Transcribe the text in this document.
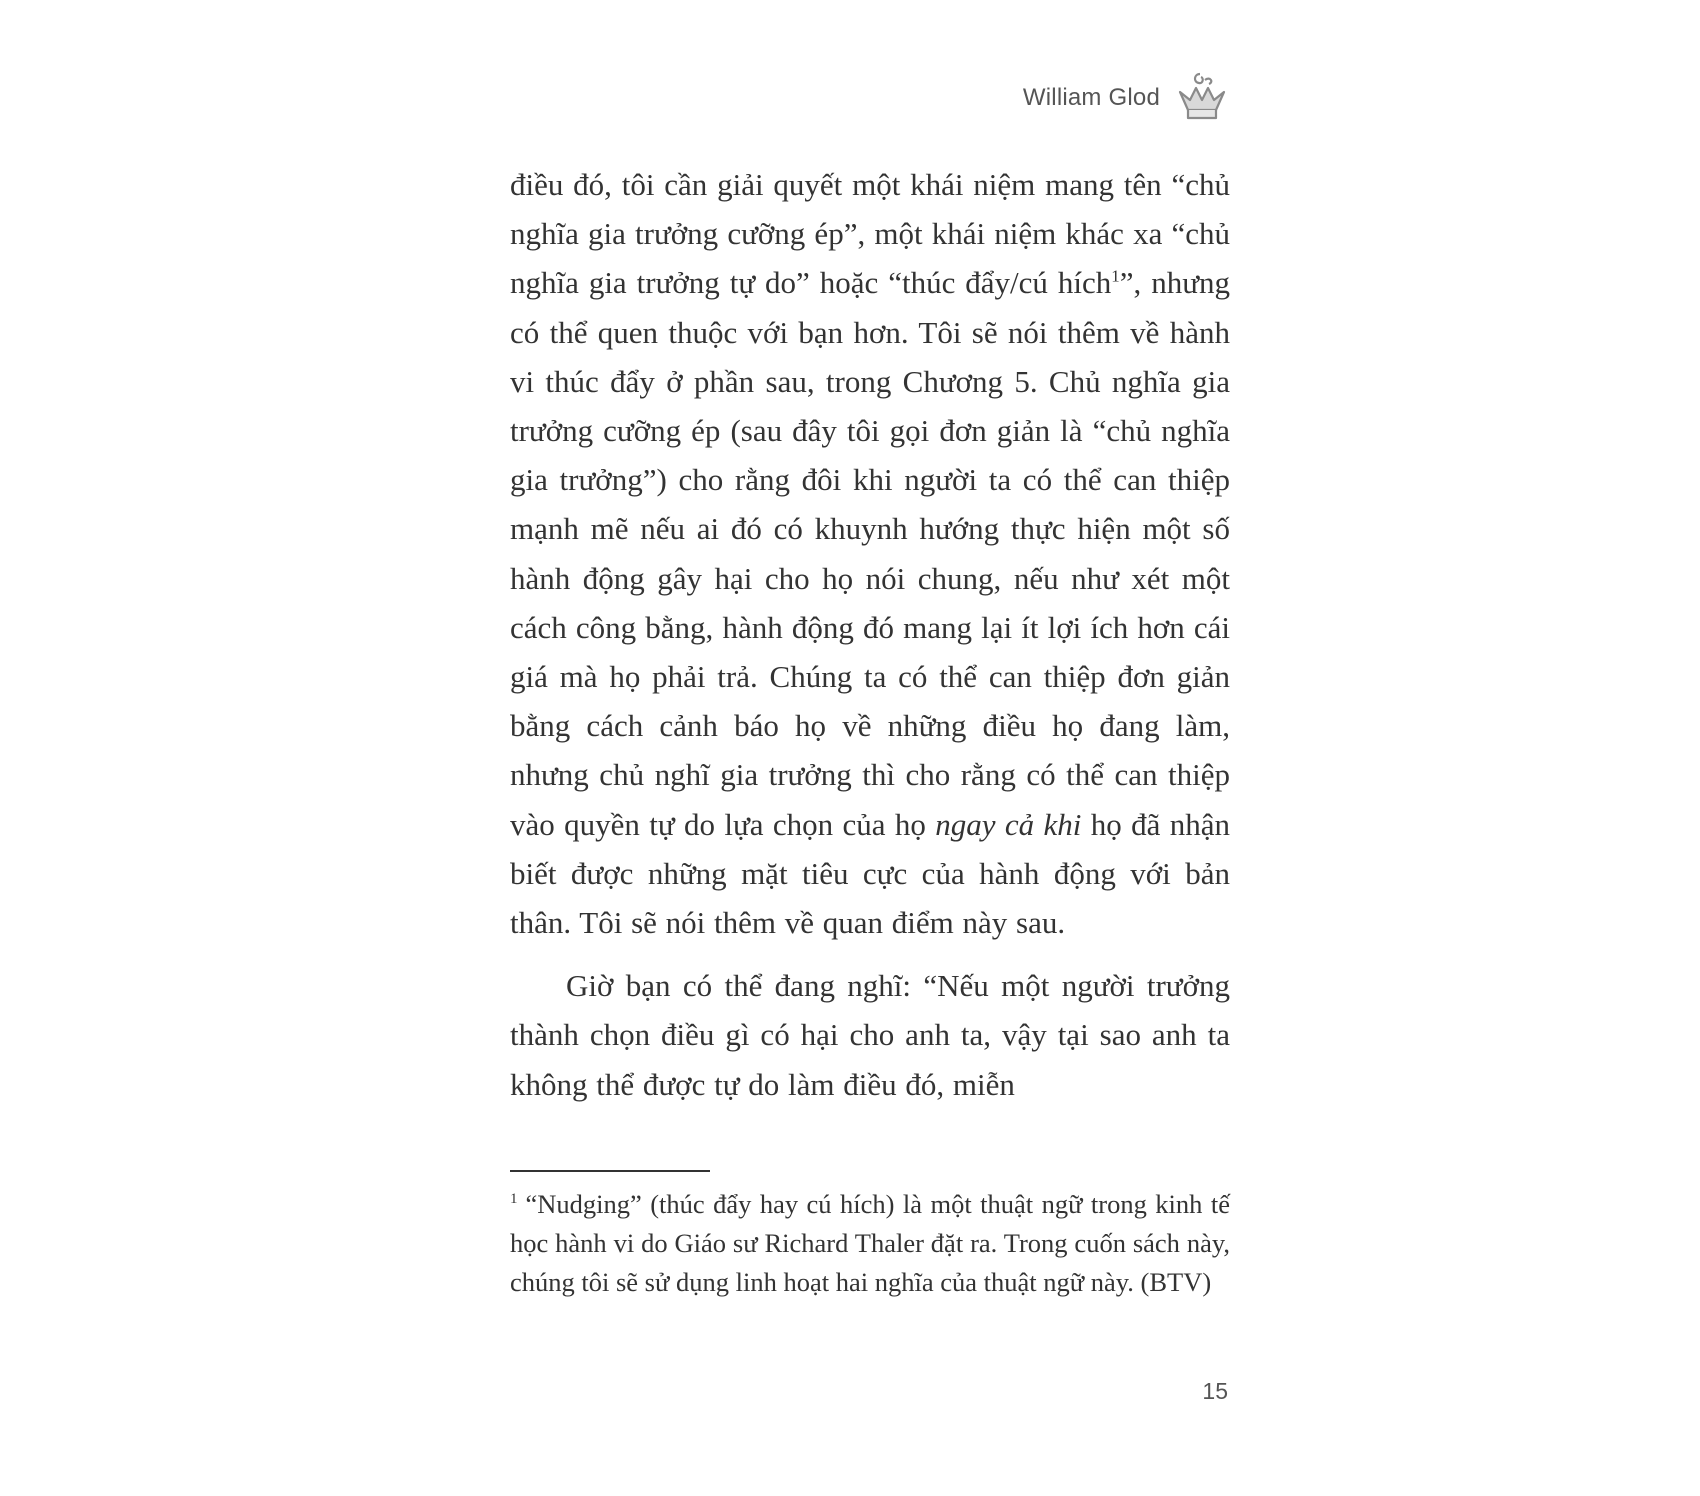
William Glod

điều đó, tôi cần giải quyết một khái niệm mang tên “chủ nghĩa gia trưởng cưỡng ép”, một khái niệm khác xa “chủ nghĩa gia trưởng tự do” hoặc “thúc đẩy/cú hích$^1$”, nhưng có thể quen thuộc với bạn hơn. Tôi sẽ nói thêm về hành vi thúc đẩy ở phần sau, trong Chương 5. Chủ nghĩa gia trưởng cưỡng ép (sau đây tôi gọi đơn giản là “chủ nghĩa gia trưởng”) cho rằng đôi khi người ta có thể can thiệp mạnh mẽ nếu ai đó có khuynh hướng thực hiện một số hành động gây hại cho họ nói chung, nếu như xét một cách công bằng, hành động đó mang lại ít lợi ích hơn cái giá mà họ phải trả. Chúng ta có thể can thiệp đơn giản bằng cách cảnh báo họ về những điều họ đang làm, nhưng chủ nghĩ gia trưởng thì cho rằng có thể can thiệp vào quyền tự do lựa chọn của họ ngay cả khi họ đã nhận biết được những mặt tiêu cực của hành động với bản thân. Tôi sẽ nói thêm về quan điểm này sau.

Giờ bạn có thể đang nghĩ: “Nếu một người trưởng thành chọn điều gì có hại cho anh ta, vậy tại sao anh ta không thể được tự do làm điều đó, miễn

$^1$ “Nudging” (thúc đẩy hay cú hích) là một thuật ngữ trong kinh tế học hành vi do Giáo sư Richard Thaler đặt ra. Trong cuốn sách này, chúng tôi sẽ sử dụng linh hoạt hai nghĩa của thuật ngữ này. (BTV)

15
